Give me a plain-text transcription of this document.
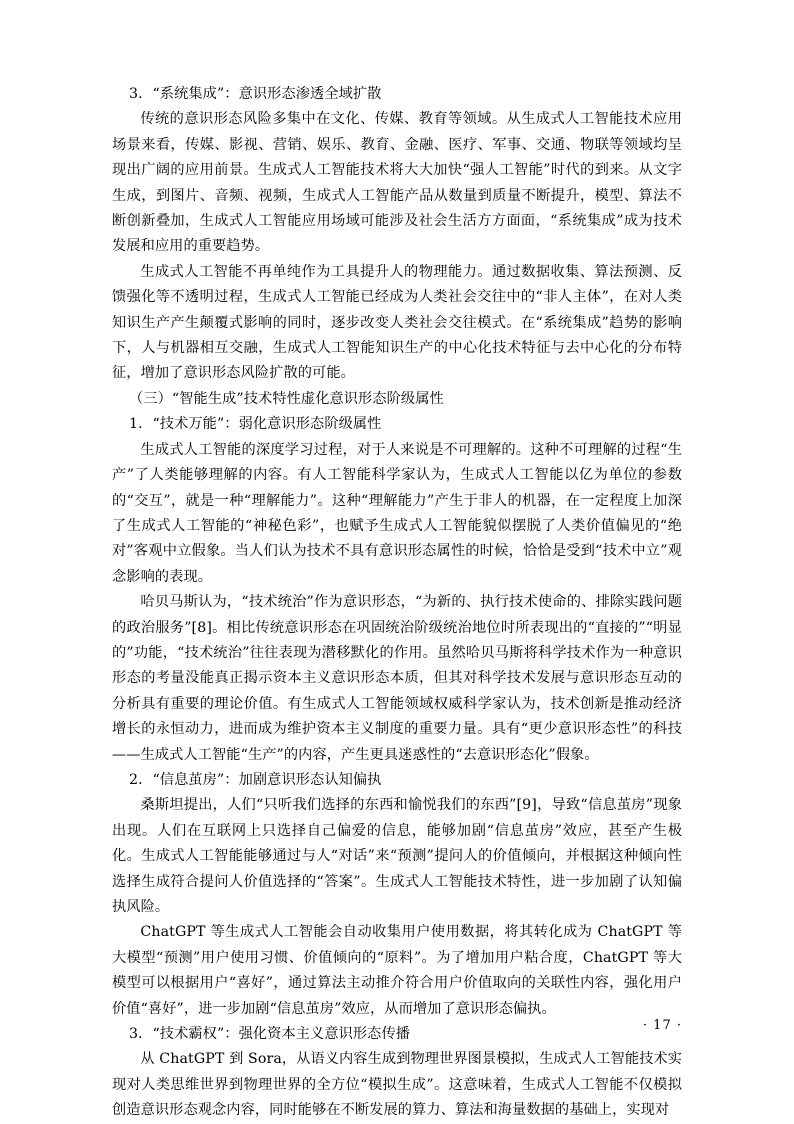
3．“系统集成”：意识形态渗透全域扩散

传统的意识形态风险多集中在文化、传媒、教育等领域。从生成式人工智能技术应用场景来看，传媒、影视、营销、娱乐、教育、金融、医疗、军事、交通、物联等领域均呈现出广阔的应用前景。生成式人工智能技术将大大加快“强人工智能”时代的到来。从文字生成，到图片、音频、视频，生成式人工智能产品从数量到质量不断提升，模型、算法不断创新叠加，生成式人工智能应用场域可能涉及社会生活方方面面，“系统集成”成为技术发展和应用的重要趋势。

生成式人工智能不再单纯作为工具提升人的物理能力。通过数据收集、算法预测、反馈强化等不透明过程，生成式人工智能已经成为人类社会交往中的“非人主体”，在对人类知识生产产生颠覆式影响的同时，逐步改变人类社会交往模式。在“系统集成”趋势的影响下，人与机器相互交融，生成式人工智能知识生产的中心化技术特征与去中心化的分布特征，增加了意识形态风险扩散的可能。

（三）“智能生成”技术特性虚化意识形态阶级属性

1．“技术万能”：弱化意识形态阶级属性

生成式人工智能的深度学习过程，对于人来说是不可理解的。这种不可理解的过程“生产”了人类能够理解的内容。有人工智能科学家认为，生成式人工智能以亿为单位的参数的“交互”，就是一种“理解能力”。这种“理解能力”产生于非人的机器，在一定程度上加深了生成式人工智能的“神秘色彩”，也赋予生成式人工智能貌似摆脱了人类价值偏见的“绝对”客观中立假象。当人们认为技术不具有意识形态属性的时候，恰恰是受到“技术中立”观念影响的表现。

哈贝马斯认为，“技术统治”作为意识形态，“为新的、执行技术使命的、排除实践问题的政治服务”[8]。相比传统意识形态在巩固统治阶级统治地位时所表现出的“直接的”“明显的”功能，“技术统治”往往表现为潜移默化的作用。虽然哈贝马斯将科学技术作为一种意识形态的考量没能真正揭示资本主义意识形态本质，但其对科学技术发展与意识形态互动的分析具有重要的理论价值。有生成式人工智能领域权威科学家认为，技术创新是推动经济增长的永恒动力，进而成为维护资本主义制度的重要力量。具有“更少意识形态性”的科技——生成式人工智能“生产”的内容，产生更具迷惑性的“去意识形态化”假象。

2．“信息茧房”：加剧意识形态认知偏执

桑斯坦提出，人们“只听我们选择的东西和愉悦我们的东西”[9]，导致“信息茧房”现象出现。人们在互联网上只选择自己偏爱的信息，能够加剧“信息茧房”效应，甚至产生极化。生成式人工智能能够通过与人“对话”来“预测”提问人的价值倾向，并根据这种倾向性选择生成符合提问人价值选择的“答案”。生成式人工智能技术特性，进一步加剧了认知偏执风险。

ChatGPT 等生成式人工智能会自动收集用户使用数据，将其转化成为 ChatGPT 等大模型“预测”用户使用习惯、价值倾向的“原料”。为了增加用户粘合度，ChatGPT 等大模型可以根据用户“喜好”，通过算法主动推介符合用户价值取向的关联性内容，强化用户价值“喜好”，进一步加剧“信息茧房”效应，从而增加了意识形态偏执。

3．“技术霸权”：强化资本主义意识形态传播

从 ChatGPT 到 Sora，从语义内容生成到物理世界图景模拟，生成式人工智能技术实现对人类思维世界到物理世界的全方位“模拟生成”。这意味着，生成式人工智能不仅模拟创造意识形态观念内容，同时能够在不断发展的算力、算法和海量数据的基础上，实现对

· 17 ·
